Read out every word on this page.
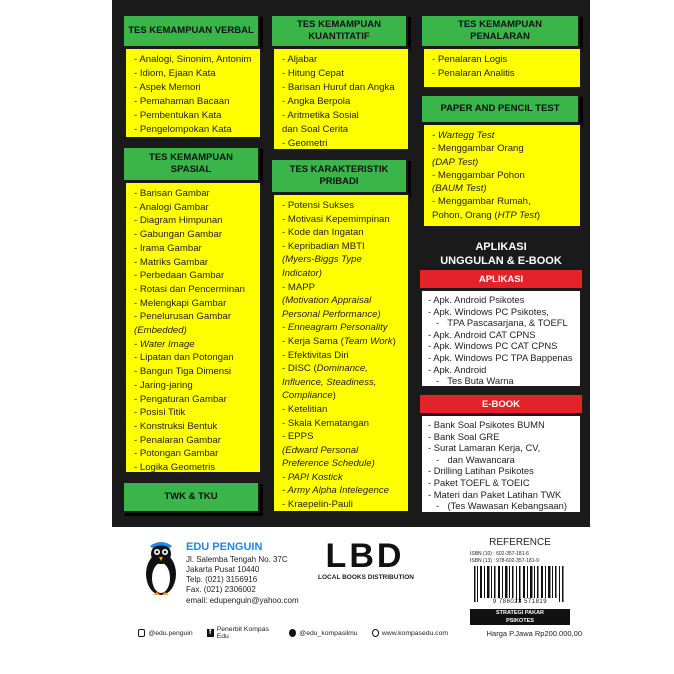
TES KEMAMPUAN VERBAL
- Analogi, Sinonim, Antonim
- Idiom, Ejaan Kata
- Aspek Memori
- Pemahaman Bacaan
- Pembentukan Kata
- Pengelompokan Kata
TES KEMAMPUAN
SPASIAL
- Barisan Gambar
- Analogi Gambar
- Diagram Himpunan
- Gabungan Gambar
- Irama Gambar
- Matriks Gambar
- Perbedaan Gambar
- Rotasi dan Pencerminan
- Melengkapi Gambar
- Penelurusan Gambar
(Embedded)
- Water Image
- Lipatan dan Potongan
- Bangun Tiga Dimensi
- Jaring-jaring
- Pengaturan Gambar
- Posisi Titik
- Konstruksi Bentuk
- Penalaran Gambar
- Potongan Gambar
- Logika Geometris
TWK & TKU
TES KEMAMPUAN
KUANTITATIF
- Aljabar
- Hitung Cepat
- Barisan Huruf dan Angka
- Angka Berpola
- Aritmetika Sosial
dan Soal Cerita
- Geometri
TES KARAKTERISTIK
PRIBADI
- Potensi Sukses
- Motivasi Kepemimpinan
- Kode dan Ingatan
- Kepribadian MBTI
(Myers-Biggs Type
Indicator)
- MAPP
(Motivation Appraisal
Personal Performance)
- Enneagram Personality
- Kerja Sama (Team Work)
- Efektivitas Diri
- DISC (Dominance,
Influence, Steadiness,
Compliance)
- Ketelitian
- Skala Kematangan
- EPPS
(Edward Personal
Preference Schedule)
- PAPI Kostick
- Army Alpha Intelegence
- Kraepelin-Pauli
TES KEMAMPUAN
PENALARAN
- Penalaran Logis
- Penalaran Analitis
PAPER AND PENCIL TEST
- Wartegg Test
- Menggambar Orang
(DAP Test)
- Menggambar Pohon
(BAUM Test)
- Menggambar Rumah,
Pohon, Orang (HTP Test)
APLIKASI
UNGGULAN & E-BOOK
APLIKASI
- Apk. Android Psikotes
- Apk. Windows PC Psikotes,
- TPA Pascasarjana, & TOEFL
- Apk. Android CAT CPNS
- Apk. Windows PC CAT CPNS
- Apk. Windows PC TPA Bappenas
- Apk. Android
- Tes Buta Warna
E-BOOK
- Bank Soal Psikotes BUMN
- Bank Soal GRE
- Surat Lamaran Kerja, CV,
- dan Wawancara
- Drilling Latihan Psikotes
- Paket TOEFL & TOEIC
- Materi dan Paket Latihan TWK
- (Tes Wawasan Kebangsaan)
EDU PENGUIN
Jl. Salemba Tengah No. 37C
Jakarta Pusat 10440
Telp. (021) 3156916
Fax. (021) 2306002
email: edupenguin@yahoo.com
LBD
LOCAL BOOKS DISTRIBUTION
REFERENCE
ISBN (10) : 602-357-181-6
ISBN (13) : 978-602-357-181-9
9 786023 571819
STRATEGI PAKAR
PSIKOTES
Harga P.Jawa Rp200.000,00
@edu.penguin	f Penerbit Kompas Edu	@edu_kompasilmu	www.kompasedu.com
